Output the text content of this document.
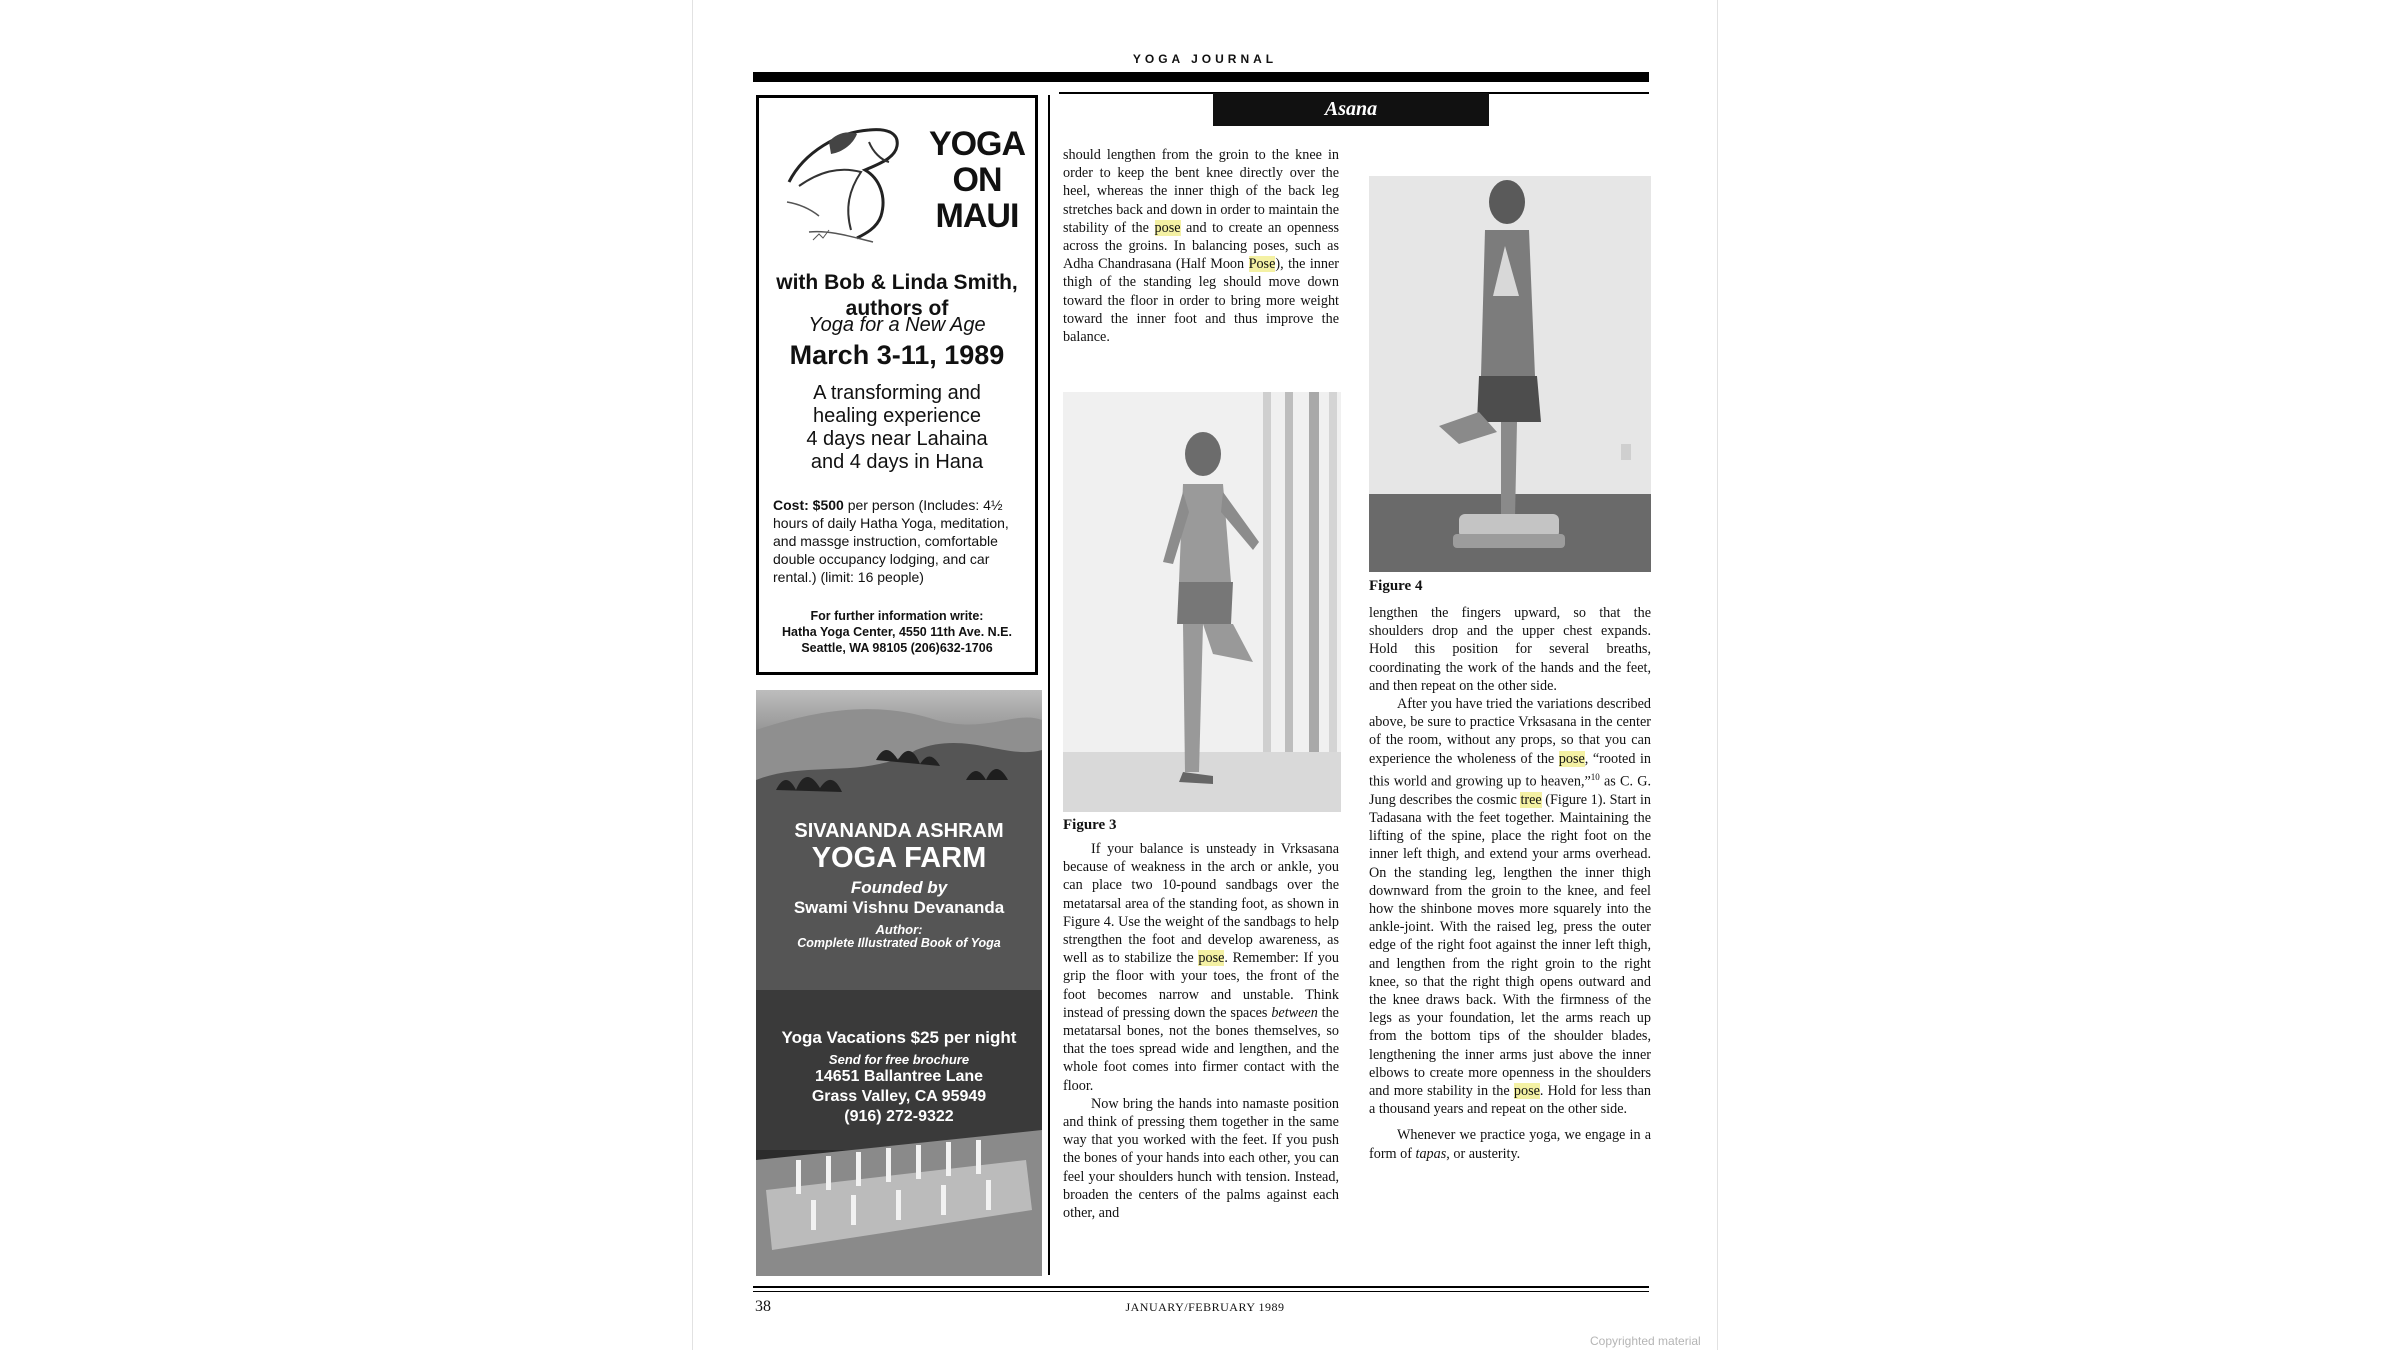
YOGA JOURNAL
YOGA
ON
MAUI
with Bob & Linda Smith,
authors of
Yoga for a New Age
March 3-11, 1989
A transforming and
healing experience
4 days near Lahaina
and 4 days in Hana
Cost: $500 per person (Includes: 4½ hours of daily Hatha Yoga, meditation, and massge instruction, comfortable double occupancy lodging, and car rental.) (limit: 16 people)
For further information write:
Hatha Yoga Center, 4550 11th Ave. N.E.
Seattle, WA 98105 (206)632-1706
SIVANANDA ASHRAM
YOGA FARM
Founded by
Swami Vishnu Devananda
Author:
Complete Illustrated Book of Yoga
Yoga Vacations $25 per night
Send for free brochure
14651 Ballantree Lane
Grass Valley, CA 95949
(916) 272-9322
Asana

should lengthen from the groin to the knee in order to keep the bent knee directly over the heel, whereas the inner thigh of the back leg stretches back and down in order to maintain the stability of the pose and to create an openness across the groins. In balancing poses, such as Adha Chandrasana (Half Moon Pose), the inner thigh of the standing leg should move down toward the floor in order to bring more weight toward the inner foot and thus improve the balance.

Figure 3
Figure 4

If your balance is unsteady in Vrksasana because of weakness in the arch or ankle, you can place two 10-pound sandbags over the metatarsal area of the standing foot, as shown in Figure 4. Use the weight of the sandbags to help strengthen the foot and develop awareness, as well as to stabilize the pose. Remember: If you grip the floor with your toes, the front of the foot becomes narrow and unstable. Think instead of pressing down the spaces between the metatarsal bones, not the bones themselves, so that the toes spread wide and lengthen, and the whole foot comes into firmer contact with the floor.

Now bring the hands into namaste position and think of pressing them together in the same way that you worked with the feet. If you push the bones of your hands into each other, you can feel your shoulders hunch with tension. Instead, broaden the centers of the palms against each other, and

lengthen the fingers upward, so that the shoulders drop and the upper chest expands. Hold this position for several breaths, coordinating the work of the hands and the feet, and then repeat on the other side.

After you have tried the variations described above, be sure to practice Vrksasana in the center of the room, without any props, so that you can experience the wholeness of the pose, “rooted in this world and growing up to heaven,”$^{10}$ as C. G. Jung describes the cosmic tree (Figure 1). Start in Tadasana with the feet together. Maintaining the lifting of the spine, place the right foot on the inner left thigh, and extend your arms overhead. On the standing leg, lengthen the inner thigh downward from the groin to the knee, and feel how the shinbone moves more squarely into the ankle-joint. With the raised leg, press the outer edge of the right foot against the inner left thigh, and lengthen from the right groin to the right knee, so that the right thigh opens outward and the knee draws back. With the firmness of the legs as your foundation, let the arms reach up from the bottom tips of the shoulder blades, lengthening the inner arms just above the inner elbows to create more openness in the shoulders and more stability in the pose. Hold for less than a thousand years and repeat on the other side.

Whenever we practice yoga, we engage in a form of tapas, or austerity.

38	JANUARY/FEBRUARY 1989
Copyrighted material
